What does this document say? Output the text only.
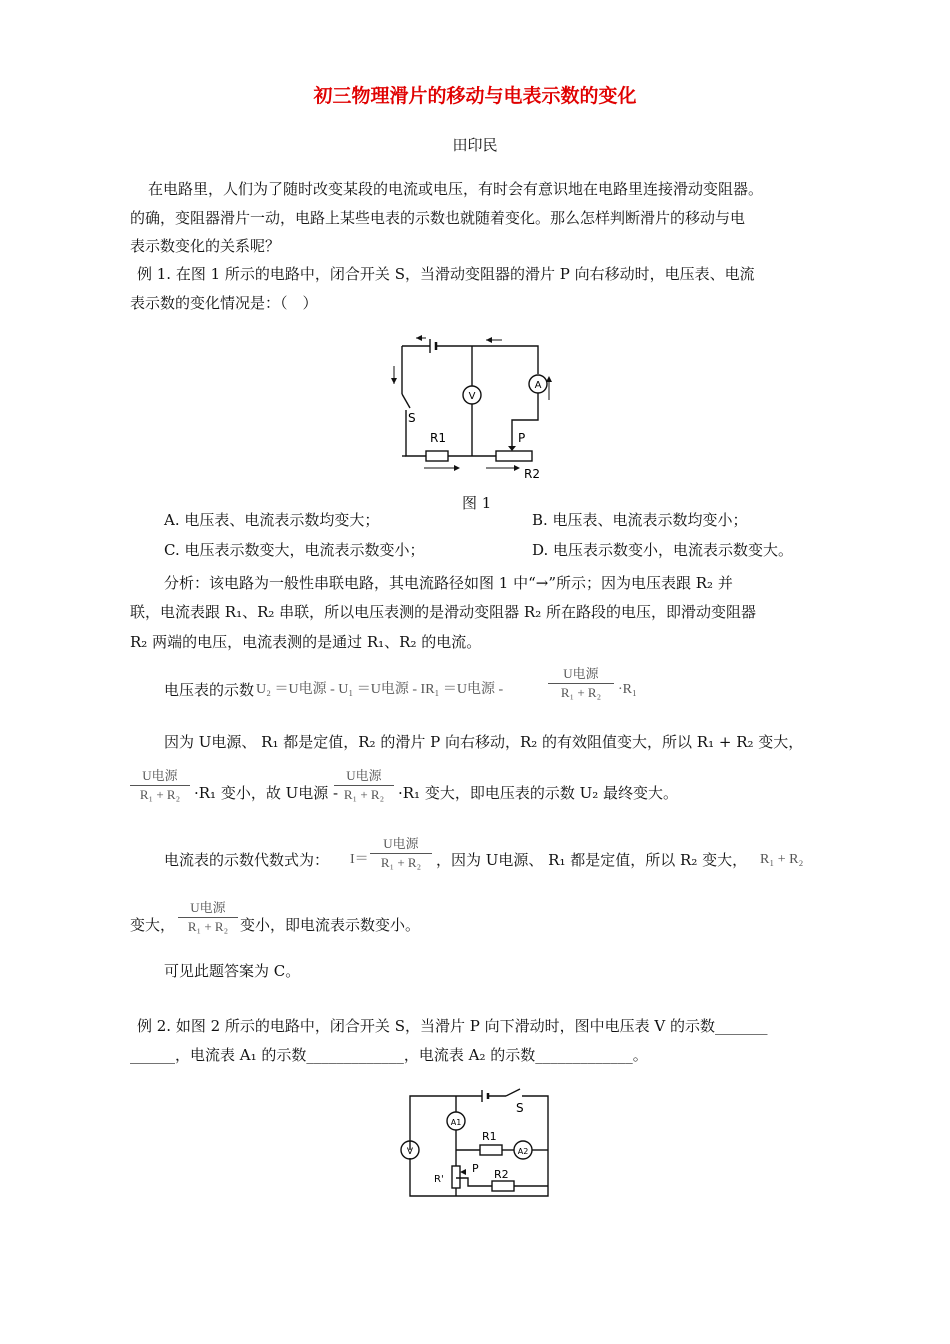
初三物理滑片的移动与电表示数的变化
田印民
在电路里，人们为了随时改变某段的电流或电压，有时会有意识地在电路里连接滑动变阻器。
的确，变阻器滑片一动，电路上某些电表的示数也就随着变化。那么怎样判断滑片的移动与电
表示数变化的关系呢？
例 1. 在图 1 所示的电路中，闭合开关 S，当滑动变阻器的滑片 P 向右移动时，电压表、电流
表示数的变化情况是：（　）
V
A
S
R1	P
R2
图 1
A. 电压表、电流表示数均变大；	B. 电压表、电流表示数均变小；
C. 电压表示数变大，电流表示数变小；	D. 电压表示数变小，电流表示数变大。
分析：该电路为一般性串联电路，其电流路径如图 1 中“→”所示；因为电压表跟 R₂ 并
联，电流表跟 R₁、R₂ 串联，所以电压表测的是滑动变阻器 R₂ 所在路段的电压，即滑动变阻器
R₂ 两端的电压，电流表测的是通过 R₁、R₂ 的电流。
电压表的示数 U₂ ＝U电源 - U₁ ＝U电源 - IR₁ ＝U电源 -
U电源
R₁ + R₂	·R₁
因为 U电源、 R₁ 都是定值，R₂ 的滑片 P 向右移动，R₂ 的有效阻值变大，所以 R₁ + R₂ 变大，
U电源
R₁ + R₂ ·R₁ 变小，故 U电源 -
U电源
R₁ + R₂ ·R₁ 变大，即电压表的示数 U₂ 最终变大。
电流表的示数代数式为： I＝
U电源
R₁ + R₂ ，因为 U电源、 R₁ 都是定值，所以 R₂ 变大， R₁ + R₂
变大，
U电源
R₁ + R₂ 变小，即电流表示数变小。
可见此题答案为 C。
例 2. 如图 2 所示的电路中，闭合开关 S，当滑片 P 向下滑动时，图中电压表 V 的示数_______
______，电流表 A₁ 的示数_____________，电流表 A₂ 的示数_____________。
V
A1
A2
S
R1
P
R'	R2
